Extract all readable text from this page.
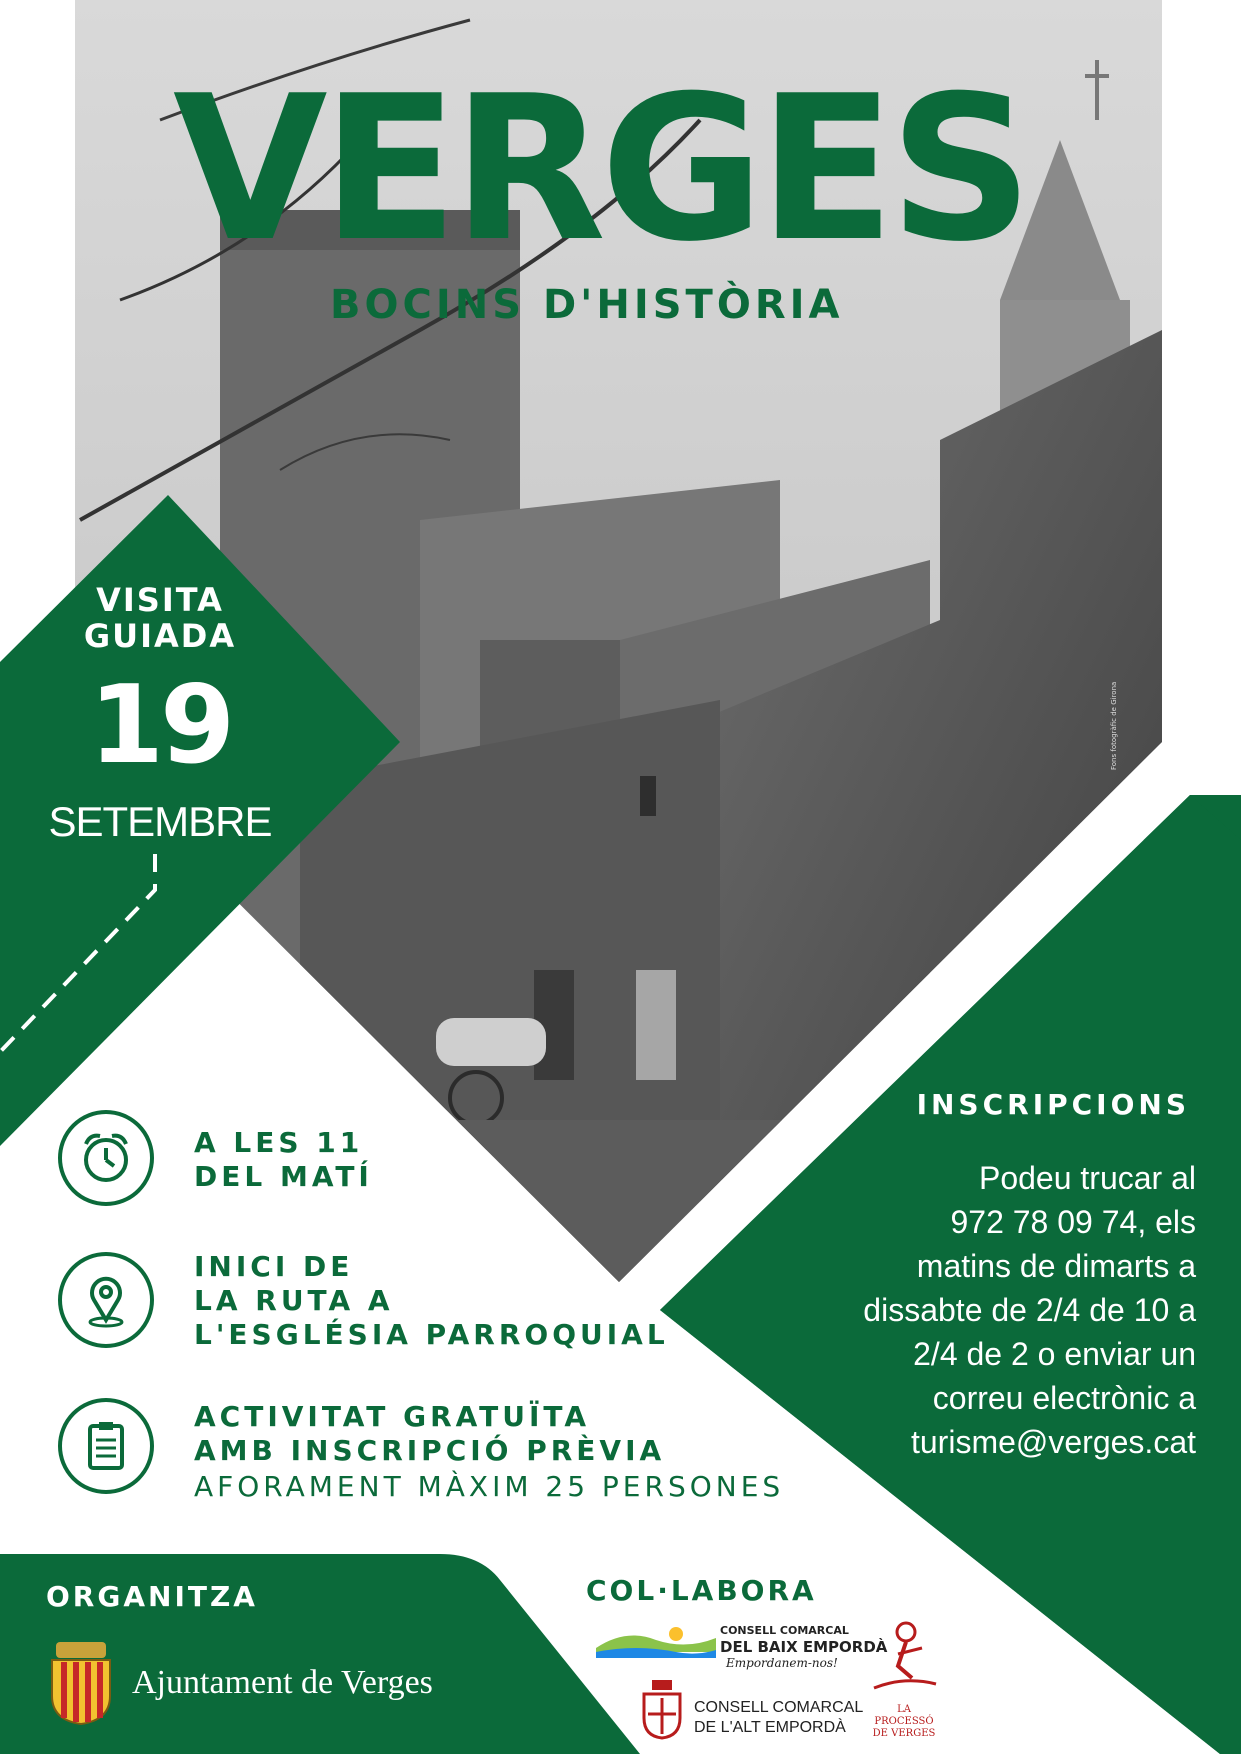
VERGES
BOCINS D'HISTÒRIA
Fons fotogràfic de Girona
VISITA
GUIADA
19
SETEMBRE
A LES 11
DEL MATÍ
INICI DE
LA RUTA A
L'ESGLÉSIA PARROQUIAL
ACTIVITAT GRATUÏTA
AMB INSCRIPCIÓ PRÈVIA
AFORAMENT MÀXIM 25 PERSONES
INSCRIPCIONS
Podeu trucar al
972 78 09 74, els
matins de dimarts a
dissabte de 2/4 de 10 a
2/4 de 2 o enviar un
correu electrònic a
turisme@verges.cat
ORGANITZA
Ajuntament de Verges
COL·LABORA
CONSELL COMARCAL
DEL BAIX EMPORDÀ
Empordanem-nos!
CONSELL COMARCAL
DE L'ALT EMPORDÀ
LA PROCESSÓ
DE VERGES
